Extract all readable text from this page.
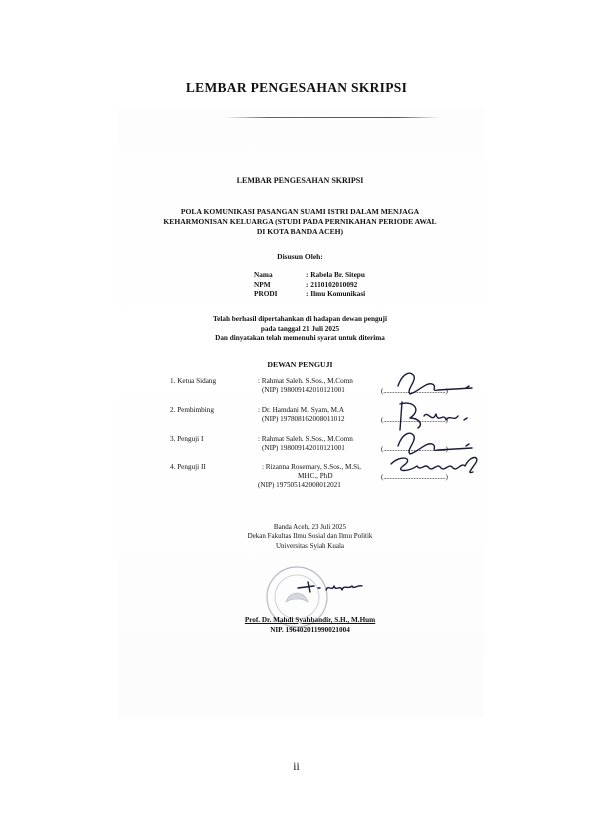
LEMBAR PENGESAHAN SKRIPSI
LEMBAR PENGESAHAN SKRIPSI
POLA KOMUNIKASI PASANGAN SUAMI ISTRI DALAM MENJAGA
KEHARMONISAN KELUARGA (STUDI PADA PERNIKAHAN PERIODE AWAL
DI KOTA BANDA ACEH)
Disusun Oleh:
Nama	: Rabela Br. Sitepu
NPM	: 2110102010092
PRODI	: Ilmu Komunikasi
Telah berhasil dipertahankan di hadapan dewan penguji
pada tanggal 21 Juli 2025
Dan dinyatakan telah memenuhi syarat untuk diterima
DEWAN PENGUJI
1. Ketua Sidang	: Rahmat Saleh. S.Sos., M.Comn
(NIP) 198009142010121001	(.......................................)
2. Pembimbing	: Dr. Hamdani M. Syam, M.A
(NIP) 197808162008011012	(.......................................)
3. Penguji I	: Rahmat Saleh. S.Sos., M.Comn
(NIP) 198009142010121001	(.......................................)
4. Penguji II	: Rizanna Rosemary, S.Sos., M.Si,
MHC., PhD
(NIP) 197505142008012021
(.......................................)
Banda Aceh, 23 Juli 2025
Dekan Fakultas Ilmu Sosial dan Ilmu Politik
Universitas Syiah Kuala
Prof. Dr. Mahdi Syahbandir, S.H., M.Hum
NIP. 196402011990021004
ii
